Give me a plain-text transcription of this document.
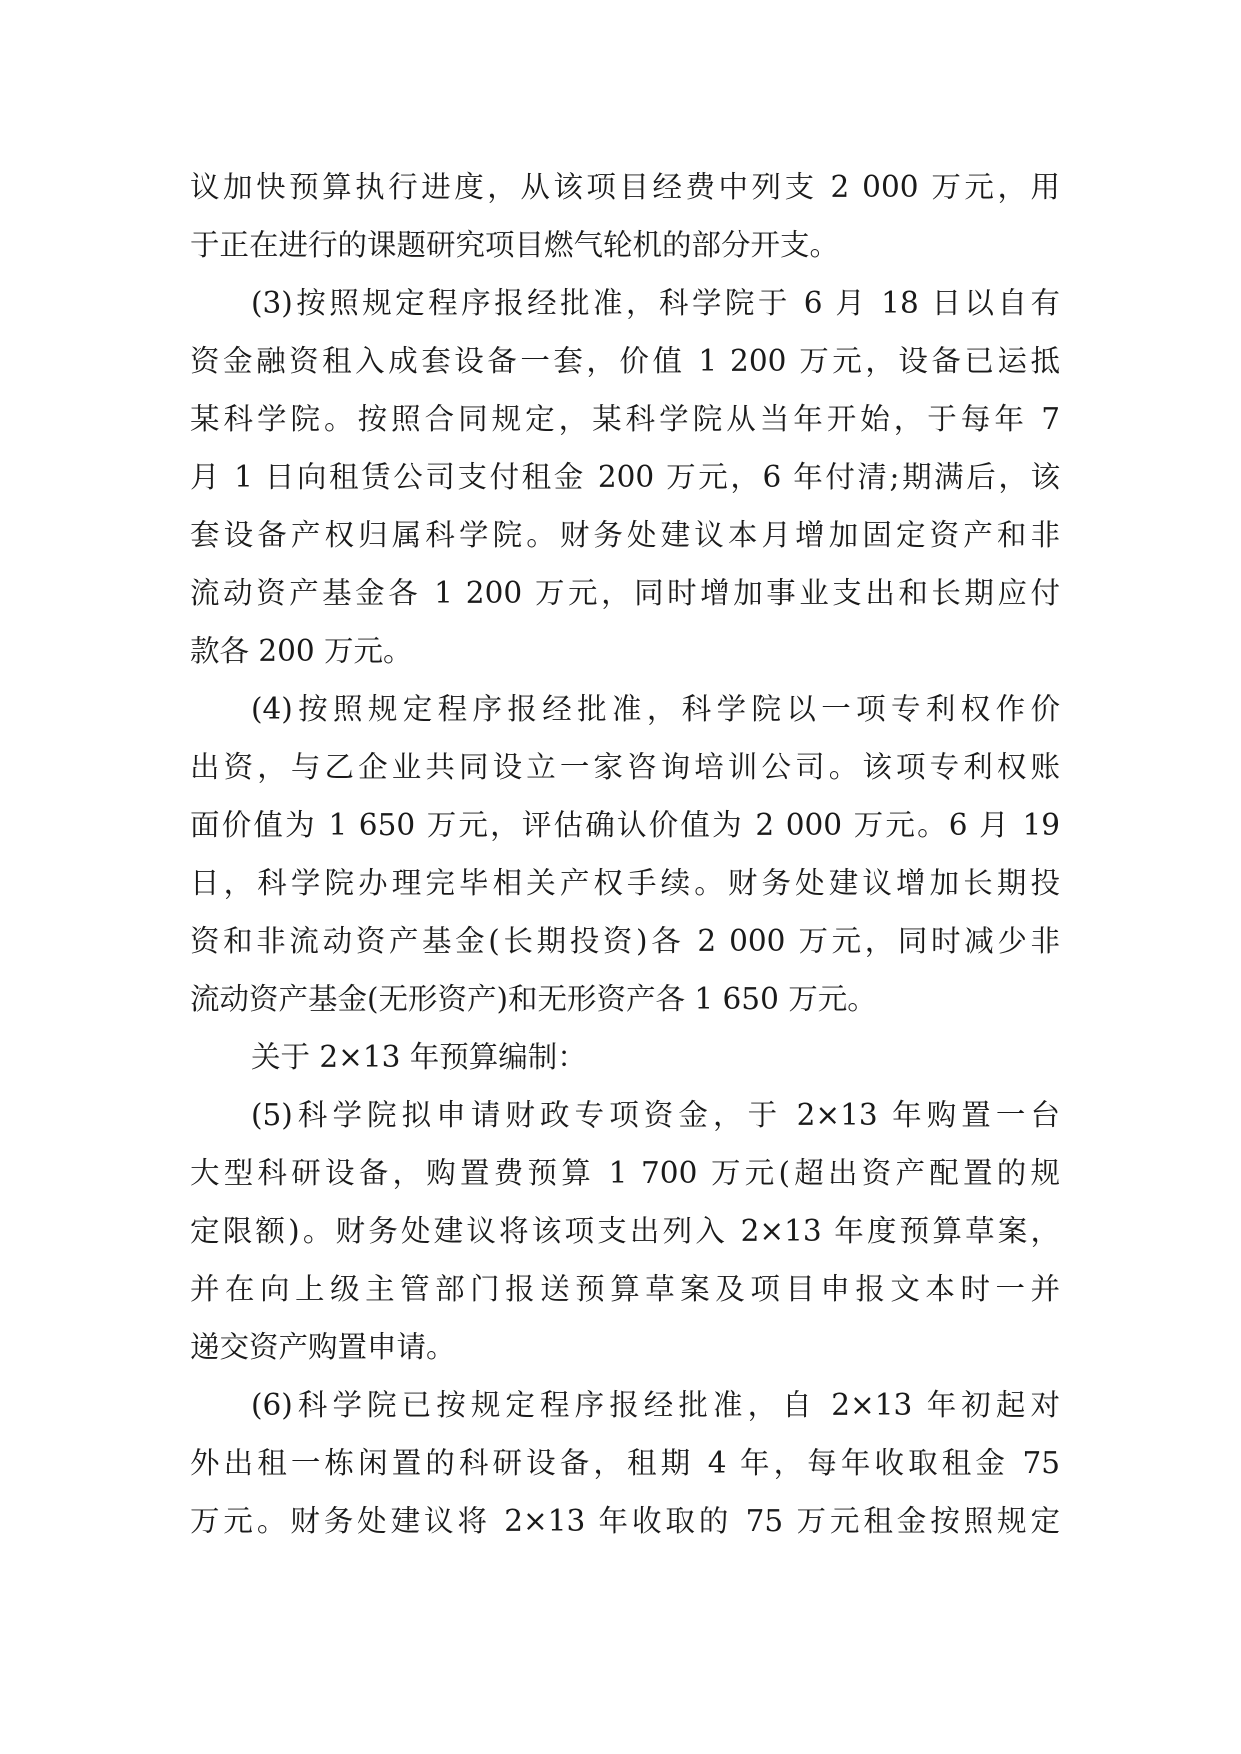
议加快预算执行进度，从该项目经费中列支 2 000 万元，用
于正在进行的课题研究项目燃气轮机的部分开支。
(3)按照规定程序报经批准，科学院于 6 月 18 日以自有
资金融资租入成套设备一套，价值 1 200 万元，设备已运抵
某科学院。按照合同规定，某科学院从当年开始，于每年 7
月 1 日向租赁公司支付租金 200 万元，6 年付清;期满后，该
套设备产权归属科学院。财务处建议本月增加固定资产和非
流动资产基金各 1 200 万元，同时增加事业支出和长期应付
款各 200 万元。
(4)按照规定程序报经批准，科学院以一项专利权作价
出资，与乙企业共同设立一家咨询培训公司。该项专利权账
面价值为 1 650 万元，评估确认价值为 2 000 万元。6 月 19
日，科学院办理完毕相关产权手续。财务处建议增加长期投
资和非流动资产基金(长期投资)各 2 000 万元，同时减少非
流动资产基金(无形资产)和无形资产各 1 650 万元。
关于 2×13 年预算编制：
(5)科学院拟申请财政专项资金，于 2×13 年购置一台
大型科研设备，购置费预算 1 700 万元(超出资产配置的规
定限额)。财务处建议将该项支出列入 2×13 年度预算草案，
并在向上级主管部门报送预算草案及项目申报文本时一并
递交资产购置申请。
(6)科学院已按规定程序报经批准，自 2×13 年初起对
外出租一栋闲置的科研设备，租期 4 年，每年收取租金 75
万元。财务处建议将 2×13 年收取的 75 万元租金按照规定
